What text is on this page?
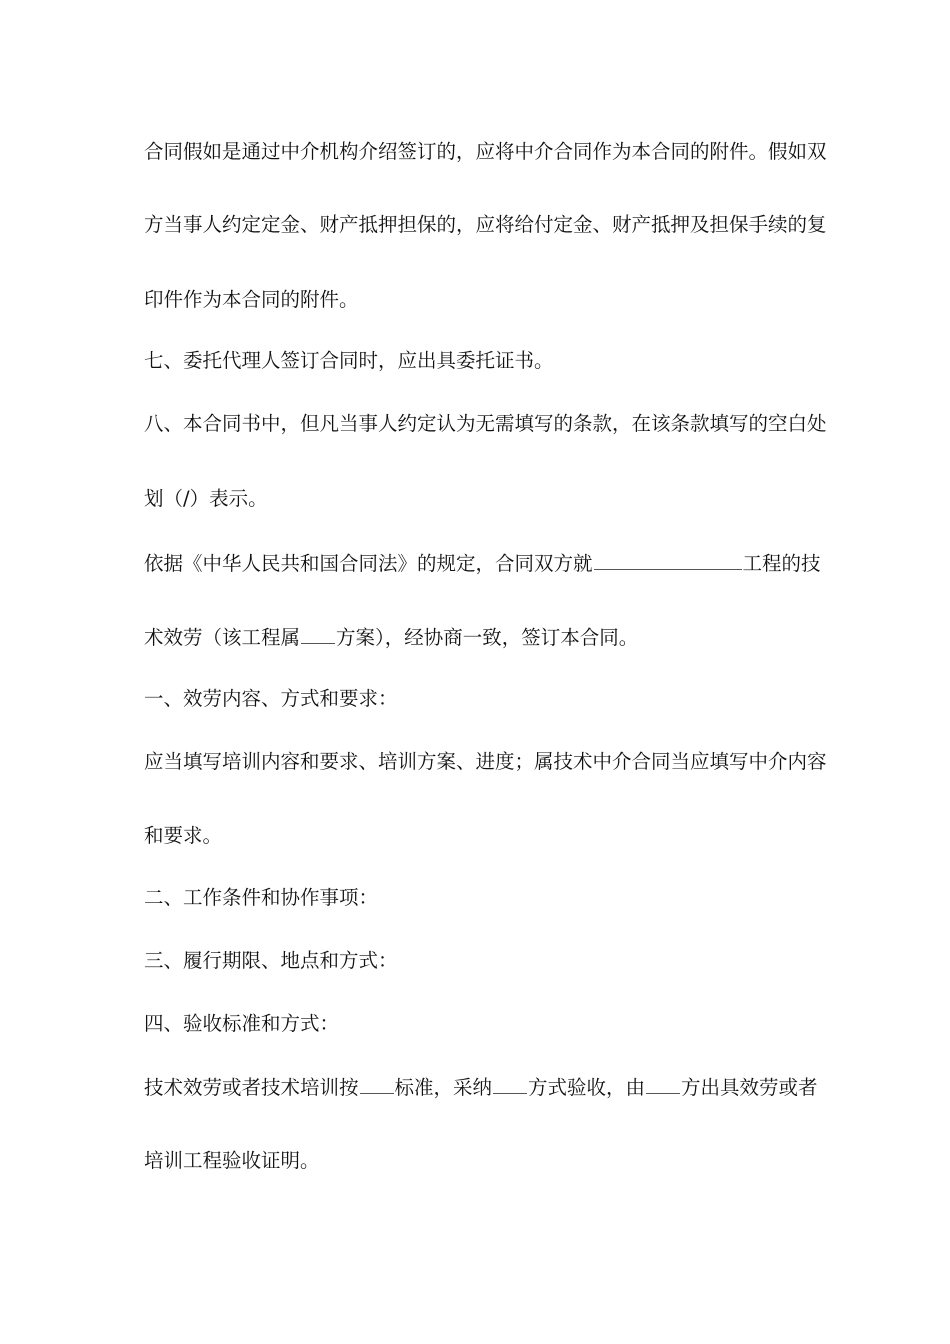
合同假如是通过中介机构介绍签订的，应将中介合同作为本合同的附件。假如双
方当事人约定定金、财产抵押担保的，应将给付定金、财产抵押及担保手续的复
印件作为本合同的附件。
七、委托代理人签订合同时，应出具委托证书。
八、本合同书中，但凡当事人约定认为无需填写的条款，在该条款填写的空白处
划（/）表示。
依据《中华人民共和国合同法》的规定，合同双方就	工程的技
术效劳（该工程属 方案），经协商一致，签订本合同。
一、效劳内容、方式和要求：
应当填写培训内容和要求、培训方案、进度；属技术中介合同当应填写中介内容
和要求。
二、工作条件和协作事项：
三、履行期限、地点和方式：
四、验收标准和方式：
技术效劳或者技术培训按 标准，采纳 方式验收，由 方出具效劳或者
培训工程验收证明。
